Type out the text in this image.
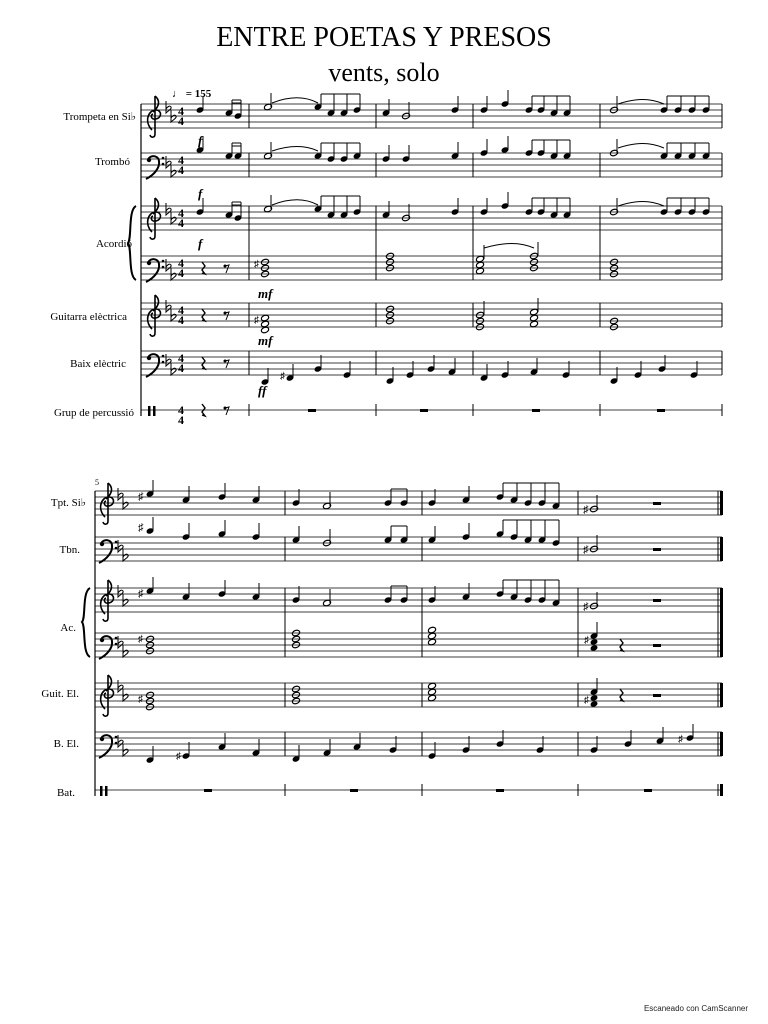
ENTRE POETAS Y PRESOS
vents, solo
4
4
♩ = 155
Trompeta en Si♭
Trombó
Acordió
Guitarra elèctrica
Baix elèctric
Grup de percussió
f
f
f
♯
mf
♯
mf
♯
ff
5
Tpt. Si♭
Tbn.
Ac.
Guit. El.
B. El.
Bat.
♯
♯
♯
♯
♯
♯
♯	♯
♯	♯
♯
♯
Escaneado con CamScanner
